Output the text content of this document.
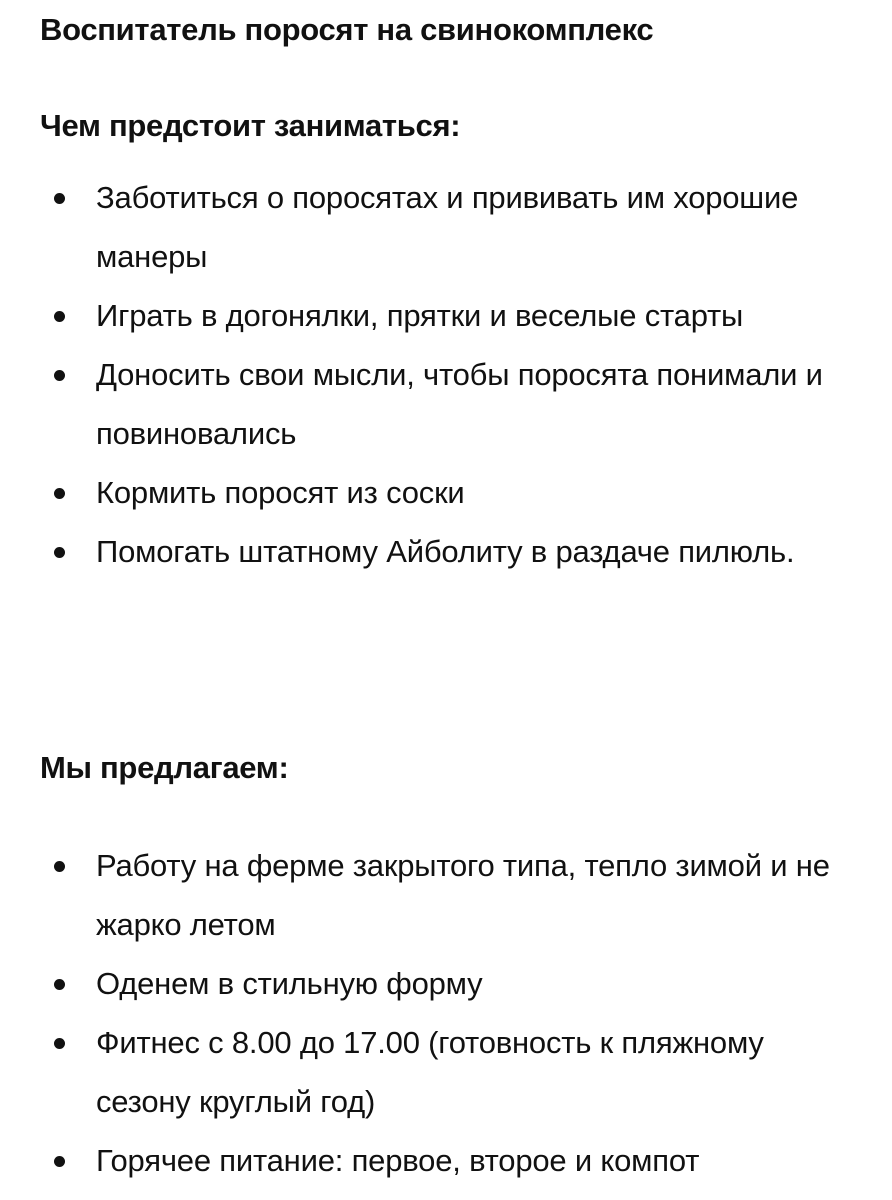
Воспитатель поросят на свинокомплекс
Чем предстоит заниматься:
Заботиться о поросятах и прививать им хорошие манеры
Играть в догонялки, прятки и веселые старты
Доносить свои мысли, чтобы поросята понимали и повиновались
Кормить поросят из соски
Помогать штатному Айболиту в раздаче пилюль.
Мы предлагаем:
Работу на ферме закрытого типа, тепло зимой и не жарко летом
Оденем в стильную форму
Фитнес с 8.00 до 17.00 (готовность к пляжному сезону круглый год)
Горячее питание: первое, второе и компот
